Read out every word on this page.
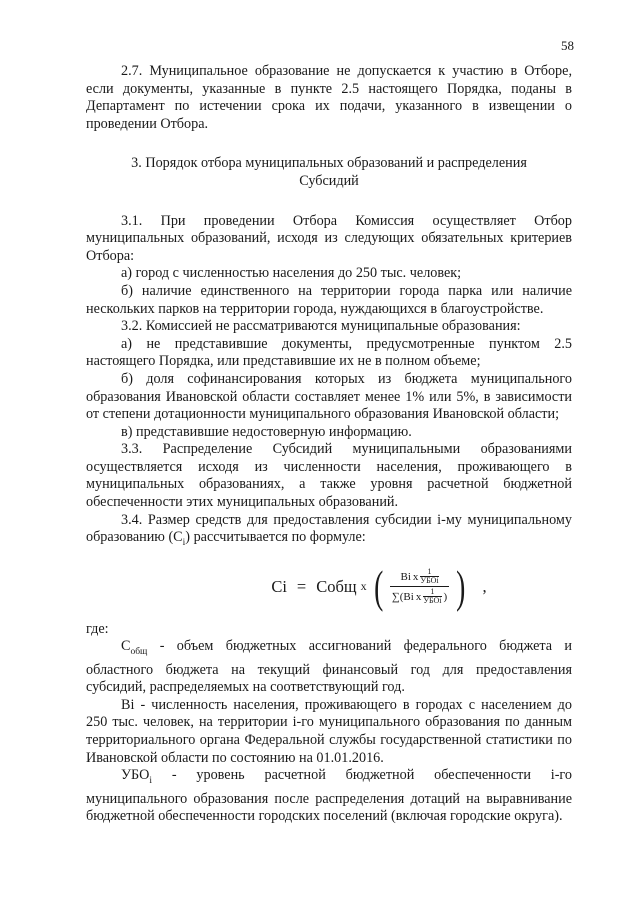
58

2.7. Муниципальное образование не допускается к участию в Отборе, если документы, указанные в пункте 2.5 настоящего Порядка, поданы в Департамент по истечении срока их подачи, указанного в извещении о проведении Отбора.

3. Порядок отбора муниципальных образований и распределения
Субсидий

3.1. При проведении Отбора Комиссия осуществляет Отбор муниципальных образований, исходя из следующих обязательных критериев Отбора:

а) город с численностью населения до 250 тыс. человек;

б) наличие единственного на территории города парка или наличие нескольких парков на территории города, нуждающихся в благоустройстве.

3.2. Комиссией не рассматриваются муниципальные образования:

а) не представившие документы, предусмотренные пунктом 2.5 настоящего Порядка, или представившие их не в полном объеме;

б) доля софинансирования которых из бюджета муниципального образования Ивановской области составляет менее 1% или 5%, в зависимости от степени дотационности муниципального образования Ивановской области;

в) представившие недостоверную информацию.

3.3. Распределение Субсидий муниципальными образованиями осуществляется исходя из численности населения, проживающего в муниципальных образованиях, а также уровня расчетной бюджетной обеспеченности этих муниципальных образований.

3.4. Размер средств для предоставления субсидии i-му муниципальному образованию $(C_i)$ рассчитывается по формуле:

Ci = Cобщ x ( Bi x 1
УБОi
∑(Bi x 1
УБОi ) ) ,

где:

$C_{общ}$ - объем бюджетных ассигнований федерального бюджета и областного бюджета на текущий финансовый год для предоставления субсидий, распределяемых на соответствующий год.

Bi - численность населения, проживающего в городах с населением до 250 тыс. человек, на территории i-го муниципального образования по данным территориального органа Федеральной службы государственной статистики по Ивановской области по состоянию на 01.01.2016.

$УБО_i$ - уровень расчетной бюджетной обеспеченности i-го муниципального образования после распределения дотаций на выравнивание бюджетной обеспеченности городских поселений (включая городские округа).
